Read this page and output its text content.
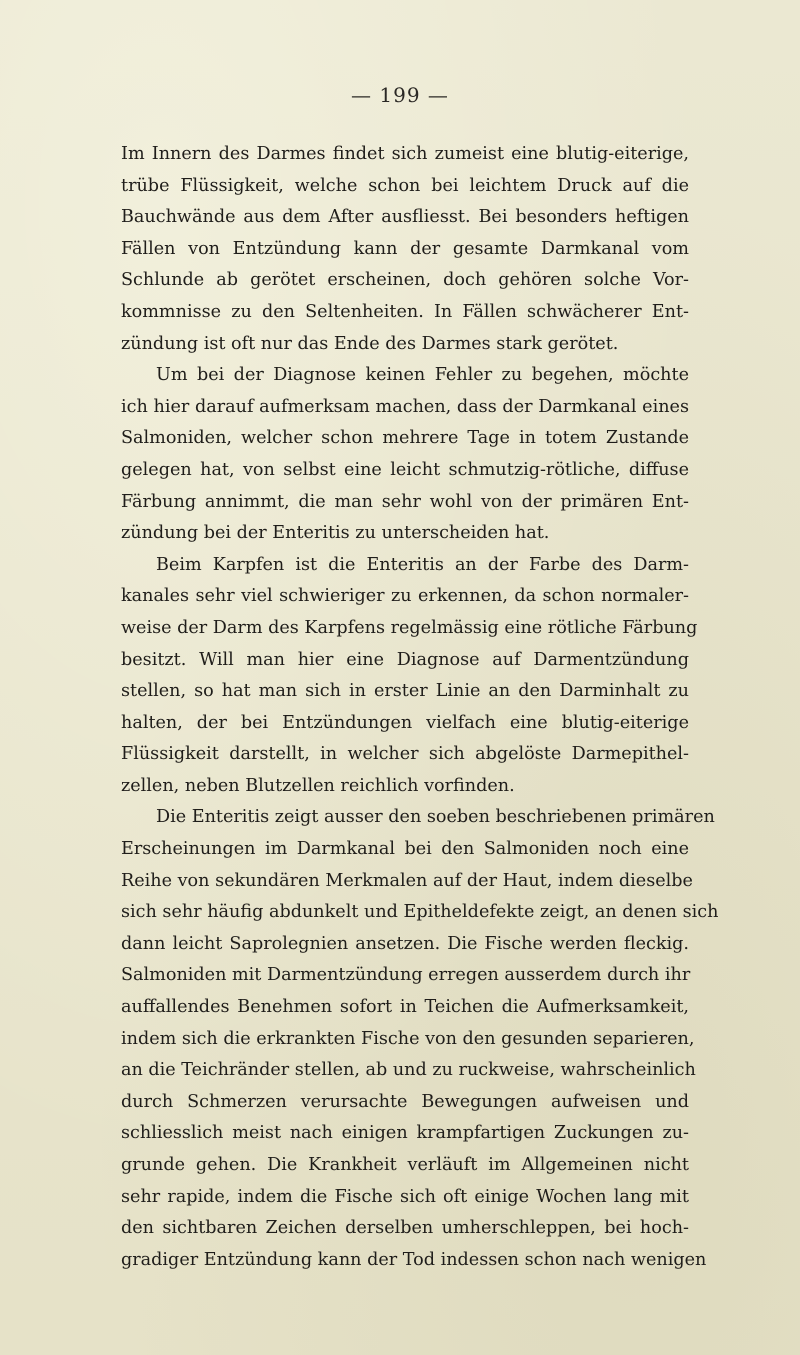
— 199 —
Im Innern des Darmes findet sich zumeist eine blutig-eiterige,
trübe Flüssigkeit, welche schon bei leichtem Druck auf die
Bauchwände aus dem After ausfliesst. Bei besonders heftigen
Fällen von Entzündung kann der gesamte Darmkanal vom
Schlunde ab gerötet erscheinen, doch gehören solche Vor-
kommnisse zu den Seltenheiten. In Fällen schwächerer Ent-
zündung ist oft nur das Ende des Darmes stark gerötet.
Um bei der Diagnose keinen Fehler zu begehen, möchte
ich hier darauf aufmerksam machen, dass der Darmkanal eines
Salmoniden, welcher schon mehrere Tage in totem Zustande
gelegen hat, von selbst eine leicht schmutzig-rötliche, diffuse
Färbung annimmt, die man sehr wohl von der primären Ent-
zündung bei der Enteritis zu unterscheiden hat.
Beim Karpfen ist die Enteritis an der Farbe des Darm-
kanales sehr viel schwieriger zu erkennen, da schon normaler-
weise der Darm des Karpfens regelmässig eine rötliche Färbung
besitzt. Will man hier eine Diagnose auf Darmentzündung
stellen, so hat man sich in erster Linie an den Darminhalt zu
halten, der bei Entzündungen vielfach eine blutig-eiterige
Flüssigkeit darstellt, in welcher sich abgelöste Darmepithel-
zellen, neben Blutzellen reichlich vorfinden.
Die Enteritis zeigt ausser den soeben beschriebenen primären
Erscheinungen im Darmkanal bei den Salmoniden noch eine
Reihe von sekundären Merkmalen auf der Haut, indem dieselbe
sich sehr häufig abdunkelt und Epitheldefekte zeigt, an denen sich
dann leicht Saprolegnien ansetzen. Die Fische werden fleckig.
Salmoniden mit Darmentzündung erregen ausserdem durch ihr
auffallendes Benehmen sofort in Teichen die Aufmerksamkeit,
indem sich die erkrankten Fische von den gesunden separieren,
an die Teichränder stellen, ab und zu ruckweise, wahrscheinlich
durch Schmerzen verursachte Bewegungen aufweisen und
schliesslich meist nach einigen krampfartigen Zuckungen zu-
grunde gehen. Die Krankheit verläuft im Allgemeinen nicht
sehr rapide, indem die Fische sich oft einige Wochen lang mit
den sichtbaren Zeichen derselben umherschleppen, bei hoch-
gradiger Entzündung kann der Tod indessen schon nach wenigen
